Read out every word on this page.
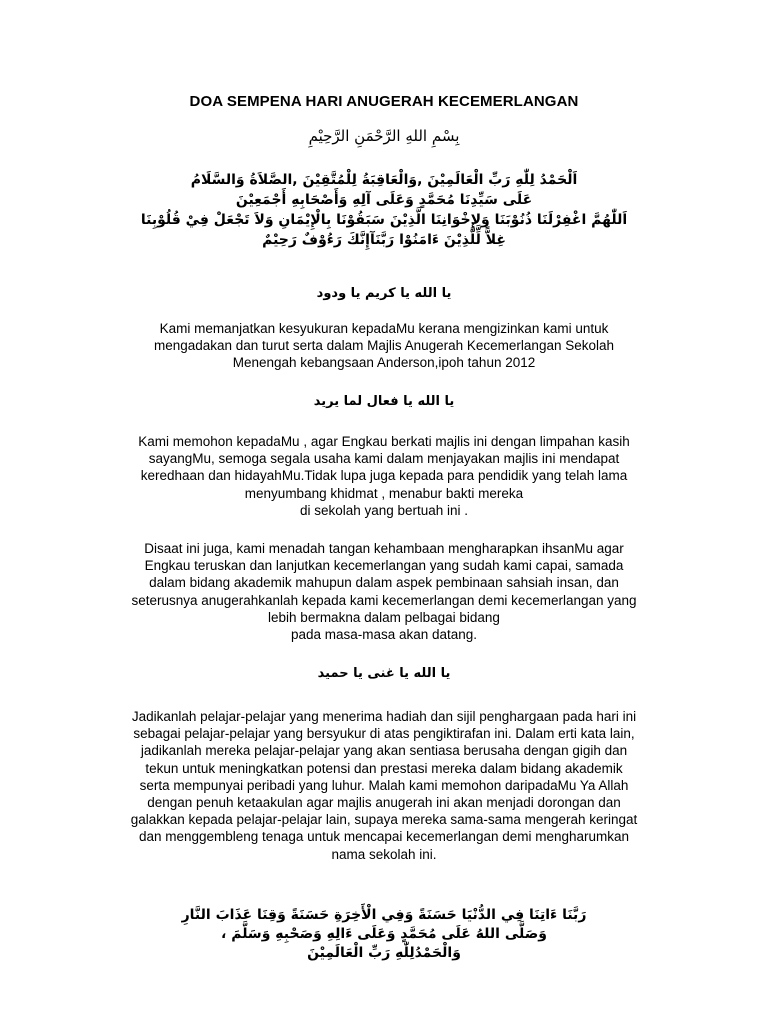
DOA SEMPENA HARI ANUGERAH KECEMERLANGAN
بِسْمِ اللهِ الرَّحْمَنِ الرَّحِيْمِ
اَلْحَمْدُ لِلّٰهِ رَبِّ الْعَالَمِيْنَ ,وَالْعَاقِبَةُ لِلْمُتَّقِيْنَ ,الصَّلاَةُ وَالسَّلَامُ
عَلَى سَيِّدِنَا مُحَمَّدٍ وَعَلَى آلِهِ وَأَصْحَابِهِ أَجْمَعِيْنَ
اَللّٰهُمَّ اغْفِرْلَنَا ذُنُوْبَنَا وَلِإِخْوَانِنَا الَّذِيْنَ سَبَقُوْنَا بِالْإِيْمَانِ وَلاَ تَجْعَلْ فِيْ قُلُوْبِنَا
غِلاًّ لِّلَّذِيْنَ ءَامَنُوْا رَبَّنَآإِنَّكَ رَءُوْفٌ رَحِيْمٌ
يا الله يا كريم يا ودود
Kami memanjatkan kesyukuran kepadaMu kerana mengizinkan kami untuk
mengadakan dan turut serta dalam Majlis Anugerah Kecemerlangan Sekolah
Menengah kebangsaan Anderson,ipoh tahun 2012
يا الله يا فعال لما يريد
Kami memohon kepadaMu , agar Engkau berkati majlis ini dengan limpahan kasih
sayangMu, semoga segala usaha kami dalam menjayakan majlis ini mendapat
keredhaan dan hidayahMu.Tidak lupa juga kepada para pendidik yang telah lama
menyumbang khidmat , menabur bakti mereka
di sekolah yang bertuah ini .
Disaat ini juga, kami menadah tangan kehambaan mengharapkan ihsanMu agar
Engkau teruskan dan lanjutkan kecemerlangan yang sudah kami capai, samada
dalam bidang akademik mahupun dalam aspek pembinaan sahsiah insan, dan
seterusnya anugerahkanlah kepada kami kecemerlangan demi kecemerlangan yang
lebih bermakna dalam pelbagai bidang
pada masa-masa akan datang.
يا الله يا غنى يا حميد
Jadikanlah pelajar-pelajar yang menerima hadiah dan sijil penghargaan pada hari ini
sebagai pelajar-pelajar yang bersyukur di atas pengiktirafan ini. Dalam erti kata lain,
jadikanlah mereka pelajar-pelajar yang akan sentiasa berusaha dengan gigih dan
tekun untuk meningkatkan potensi dan prestasi mereka dalam bidang akademik
serta mempunyai peribadi yang luhur. Malah kami memohon daripadaMu Ya Allah
dengan penuh ketaakulan agar majlis anugerah ini akan menjadi dorongan dan
galakkan kepada pelajar-pelajar lain, supaya mereka sama-sama mengerah keringat
dan menggembleng tenaga untuk mencapai kecemerlangan demi mengharumkan
nama sekolah ini.
رَبَّنَا ءَاتِنَا فِي الدُّنْيَا حَسَنَةً وَفِي الْأَخِرَةِ حَسَنَةً وَقِنَا عَذَابَ النَّارِ
وَصَلَّى اللهُ عَلَى مُحَمَّدٍ وَعَلَى ءَالِهِ وَصَحْبِهِ وَسَلَّمَ ،
وَالْحَمْدُلِلّٰهِ رَبِّ الْعَالَمِيْنَ
